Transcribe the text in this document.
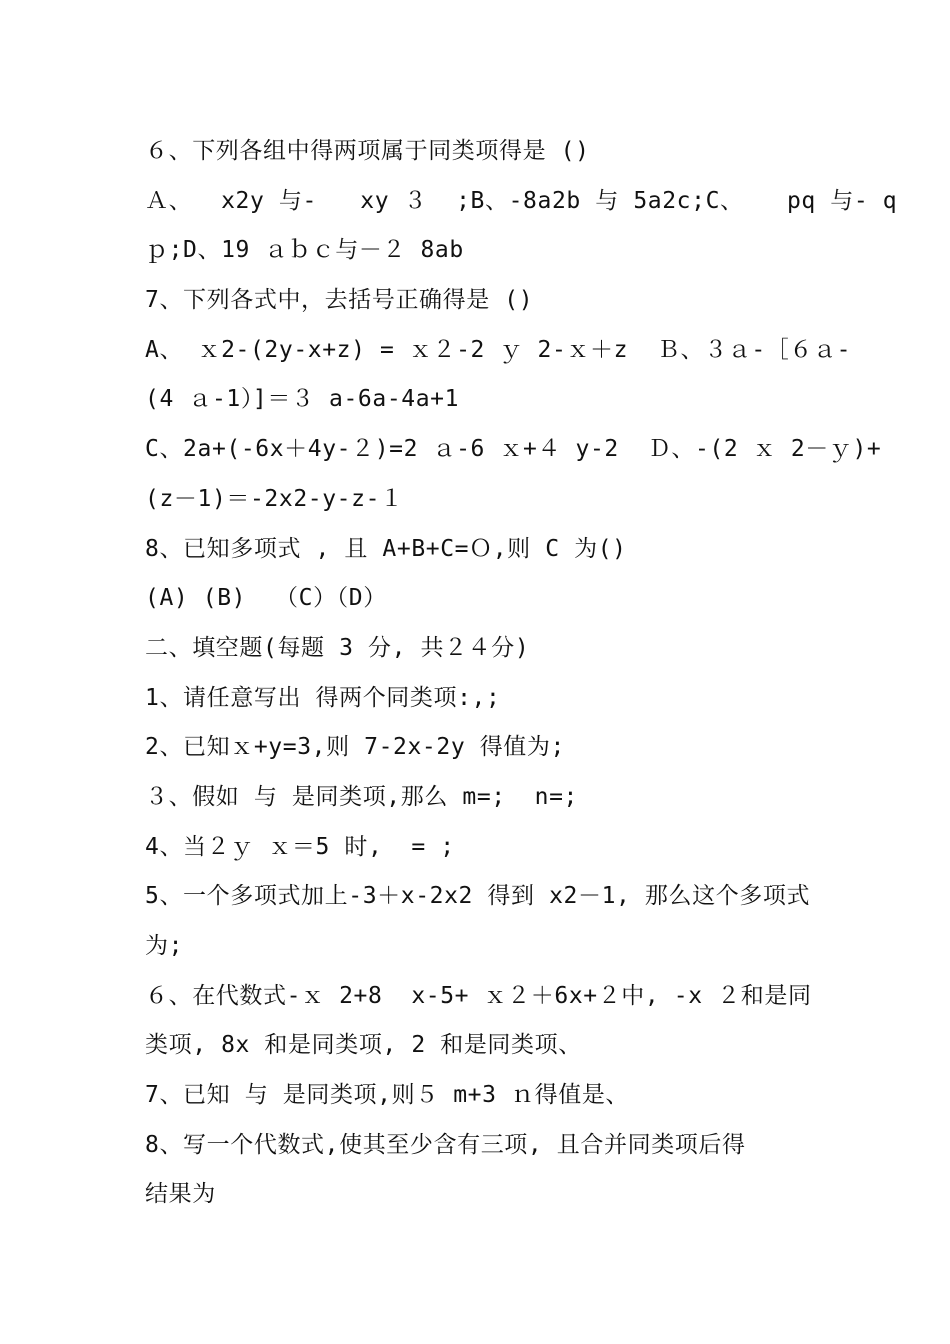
６、下列各组中得两项属于同类项得是 ()
Ａ、  x2y 与-   xy ３  ;B、-8a2b 与 5a2c;C、   pq 与- q
ｐ;D、19 ａｂｃ与－２ 8ab
7、下列各式中，去括号正确得是 ()
A、 ｘ2-(2y-x+z) = ｘ２-2 ｙ 2-ｘ＋z  Ｂ、３ａ-［６ａ-
(4 ａ-1）]＝３ a-6a-4a+1
C、2a+(-6x＋4y-２)=2 ａ-6 ｘ+４ y-2  Ｄ、-(2 ｘ 2－ｙ)+
(z－1)＝-2x2-y-z-１
8、已知多项式 , 且 A+B+C=Ｏ,则 C 为()
(A) (B)  （C）（D）
二、填空题(每题 3 分, 共２４分)
1、请任意写出 得两个同类项:,;
2、已知ｘ+y=3,则 7-2x-2y 得值为;
３、假如 与 是同类项,那么 m=;  n=;
4、当２ｙ ｘ＝5 时,  = ;
5、一个多项式加上-3＋x-2x2 得到 x2－1, 那么这个多项式
为;
６、在代数式-ｘ 2+8  x-5+ ｘ２＋6x+２中, -x ２和是同
类项, 8x 和是同类项, 2 和是同类项、
7、已知 与 是同类项,则５ m+3 ｎ得值是、
8、写一个代数式,使其至少含有三项, 且合并同类项后得
结果为
